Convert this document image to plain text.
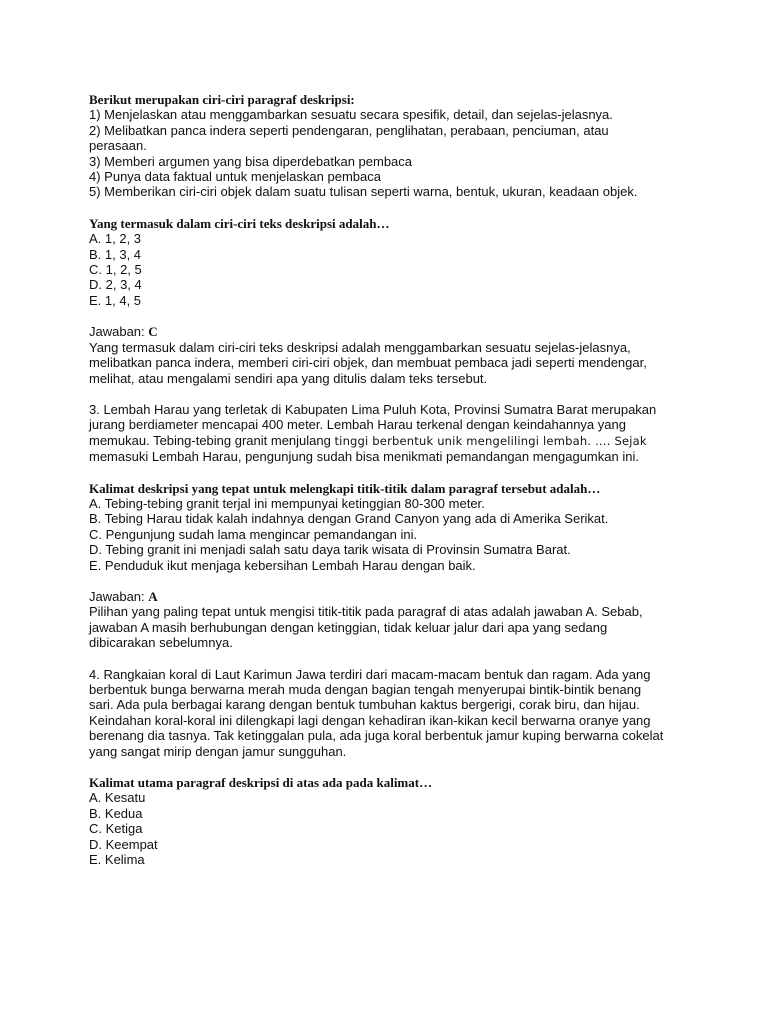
Berikut merupakan ciri-ciri paragraf deskripsi:
1) Menjelaskan atau menggambarkan sesuatu secara spesifik, detail, dan sejelas-jelasnya.
2) Melibatkan panca indera seperti pendengaran, penglihatan, perabaan, penciuman, atau
perasaan.
3) Memberi argumen yang bisa diperdebatkan pembaca
4) Punya data faktual untuk menjelaskan pembaca
5) Memberikan ciri-ciri objek dalam suatu tulisan seperti warna, bentuk, ukuran, keadaan objek.
Yang termasuk dalam ciri-ciri teks deskripsi adalah…
A. 1, 2, 3
B. 1, 3, 4
C. 1, 2, 5
D. 2, 3, 4
E. 1, 4, 5
Jawaban: C
Yang termasuk dalam ciri-ciri teks deskripsi adalah menggambarkan sesuatu sejelas-jelasnya,
melibatkan panca indera, memberi ciri-ciri objek, dan membuat pembaca jadi seperti mendengar,
melihat, atau mengalami sendiri apa yang ditulis dalam teks tersebut.
3. Lembah Harau yang terletak di Kabupaten Lima Puluh Kota, Provinsi Sumatra Barat merupakan
jurang berdiameter mencapai 400 meter. Lembah Harau terkenal dengan keindahannya yang
memukau. Tebing-tebing granit menjulang tinggi berbentuk unik mengelilingi lembah. …. Sejak
memasuki Lembah Harau, pengunjung sudah bisa menikmati pemandangan mengagumkan ini.
Kalimat deskripsi yang tepat untuk melengkapi titik-titik dalam paragraf tersebut adalah…
A. Tebing-tebing granit terjal ini mempunyai ketinggian 80-300 meter.
B. Tebing Harau tidak kalah indahnya dengan Grand Canyon yang ada di Amerika Serikat.
C. Pengunjung sudah lama mengincar pemandangan ini.
D. Tebing granit ini menjadi salah satu daya tarik wisata di Provinsin Sumatra Barat.
E. Penduduk ikut menjaga kebersihan Lembah Harau dengan baik.
Jawaban: A
Pilihan yang paling tepat untuk mengisi titik-titik pada paragraf di atas adalah jawaban A. Sebab,
jawaban A masih berhubungan dengan ketinggian, tidak keluar jalur dari apa yang sedang
dibicarakan sebelumnya.
4. Rangkaian koral di Laut Karimun Jawa terdiri dari macam-macam bentuk dan ragam. Ada yang
berbentuk bunga berwarna merah muda dengan bagian tengah menyerupai bintik-bintik benang
sari. Ada pula berbagai karang dengan bentuk tumbuhan kaktus bergerigi, corak biru, dan hijau.
Keindahan koral-koral ini dilengkapi lagi dengan kehadiran ikan-kikan kecil berwarna oranye yang
berenang dia tasnya. Tak ketinggalan pula, ada juga koral berbentuk jamur kuping berwarna cokelat
yang sangat mirip dengan jamur sungguhan.
Kalimat utama paragraf deskripsi di atas ada pada kalimat…
A. Kesatu
B. Kedua
C. Ketiga
D. Keempat
E. Kelima
